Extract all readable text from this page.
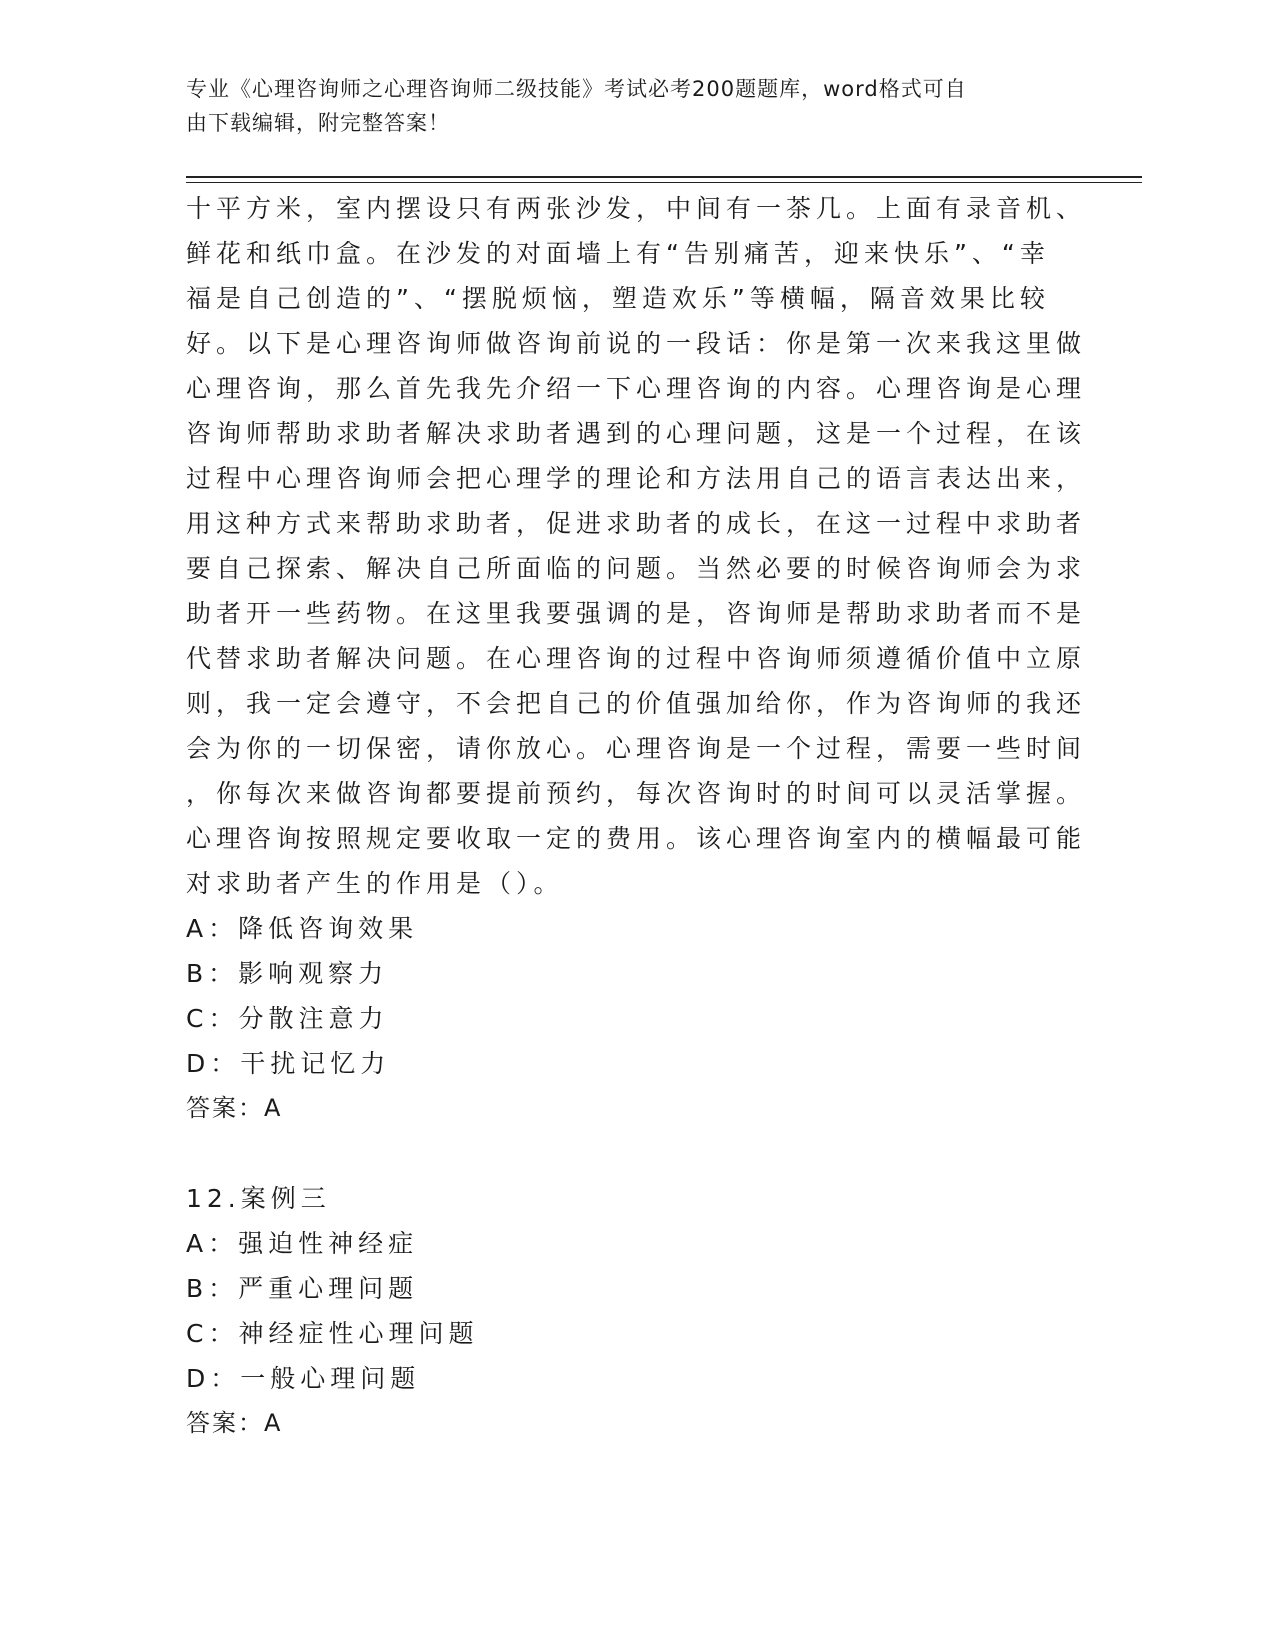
专业《心理咨询师之心理咨询师二级技能》考试必考200题题库，word格式可自
由下载编辑，附完整答案！
十平方米，室内摆设只有两张沙发，中间有一茶几。上面有录音机、
鲜花和纸巾盒。在沙发的对面墙上有“告别痛苦，迎来快乐”、“幸
福是自己创造的”、“摆脱烦恼，塑造欢乐”等横幅，隔音效果比较
好。以下是心理咨询师做咨询前说的一段话：你是第一次来我这里做
心理咨询，那么首先我先介绍一下心理咨询的内容。心理咨询是心理
咨询师帮助求助者解决求助者遇到的心理问题，这是一个过程，在该
过程中心理咨询师会把心理学的理论和方法用自己的语言表达出来，
用这种方式来帮助求助者，促进求助者的成长，在这一过程中求助者
要自己探索、解决自己所面临的问题。当然必要的时候咨询师会为求
助者开一些药物。在这里我要强调的是，咨询师是帮助求助者而不是
代替求助者解决问题。在心理咨询的过程中咨询师须遵循价值中立原
则，我一定会遵守，不会把自己的价值强加给你，作为咨询师的我还
会为你的一切保密，请你放心。心理咨询是一个过程，需要一些时间
，你每次来做咨询都要提前预约，每次咨询时的时间可以灵活掌握。
心理咨询按照规定要收取一定的费用。该心理咨询室内的横幅最可能
对求助者产生的作用是（）。
A：降低咨询效果
B：影响观察力
C：分散注意力
D：干扰记忆力
答案：A
12.案例三
A：强迫性神经症
B：严重心理问题
C：神经症性心理问题
D：一般心理问题
答案：A
